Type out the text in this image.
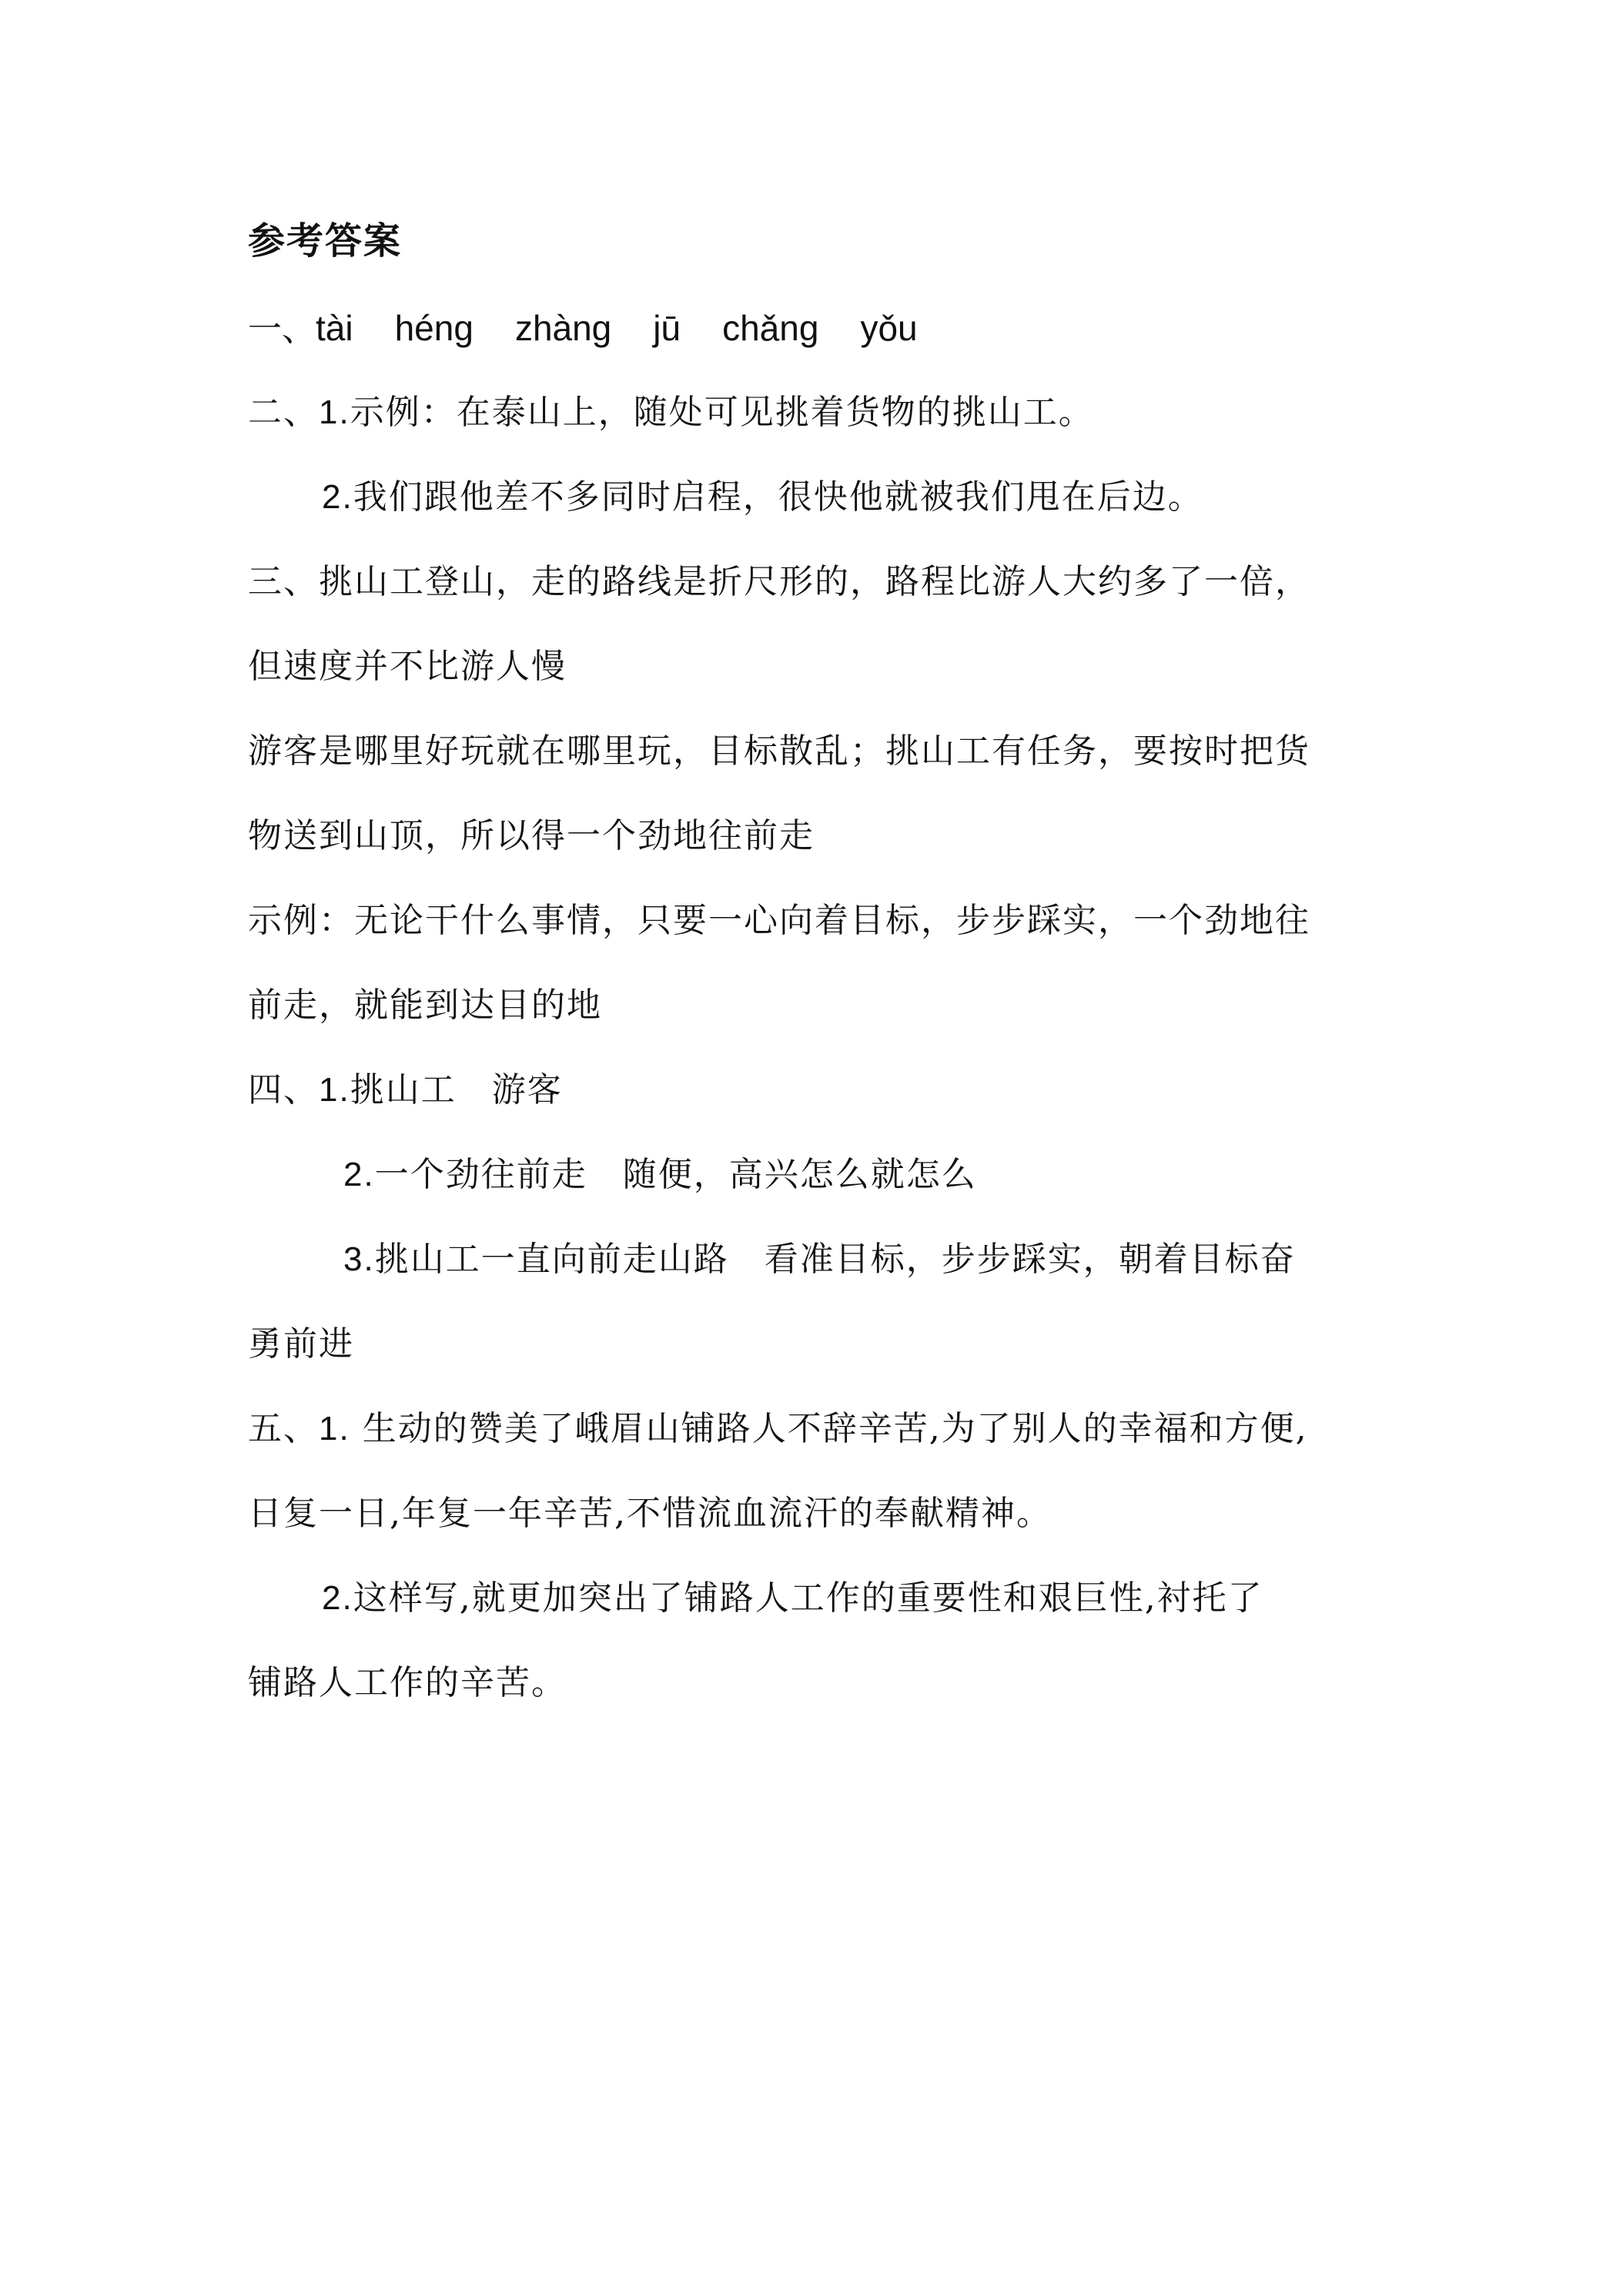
参考答案
一、tài héng zhàng jū chǎng yǒu
二、1.示例：在泰山上，随处可见挑着货物的挑山工。
2.我们跟他差不多同时启程，很快他就被我们甩在后边。
三、挑山工登山，走的路线是折尺形的，路程比游人大约多了一倍，
但速度并不比游人慢
游客是哪里好玩就在哪里玩，目标散乱；挑山工有任务，要按时把货
物送到山顶，所以得一个劲地往前走
示例：无论干什么事情，只要一心向着目标，步步踩实，一个劲地往
前走，就能到达目的地
四、1.挑山工　游客
2.一个劲往前走　随便，高兴怎么就怎么
3.挑山工一直向前走山路　看准目标，步步踩实，朝着目标奋
勇前进
五、1. 生动的赞美了峨眉山铺路人不辞辛苦,为了别人的幸福和方便,
日复一日,年复一年辛苦,不惜流血流汗的奉献精神。
2.这样写,就更加突出了铺路人工作的重要性和艰巨性,衬托了
铺路人工作的辛苦。
